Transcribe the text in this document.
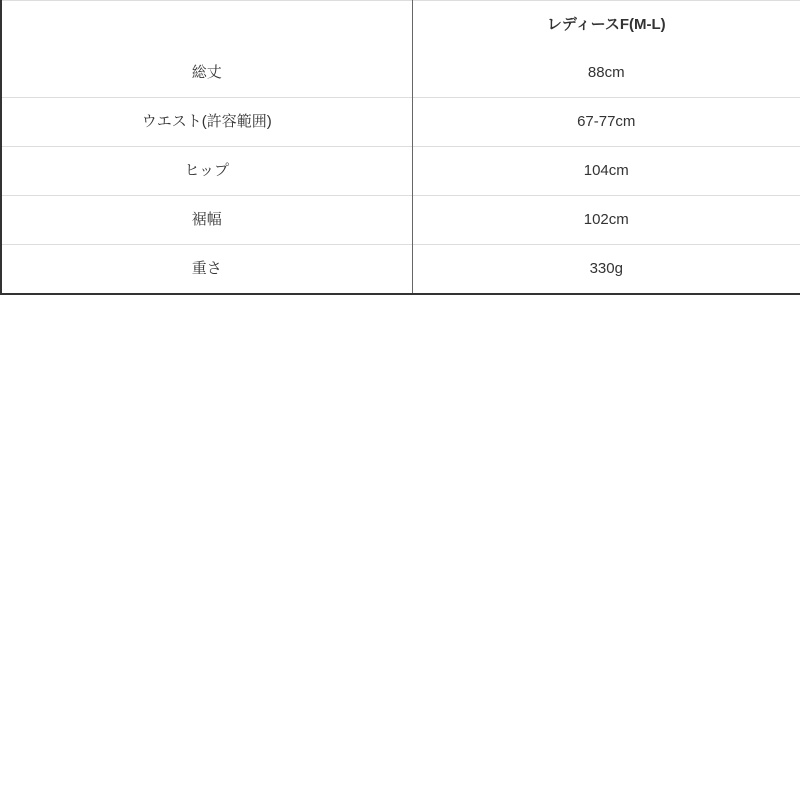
	レディースF(M-L)
総丈	88cm
ウエスト(許容範囲)	67-77cm
ヒップ	104cm
裾幅	102cm
重さ	330g
